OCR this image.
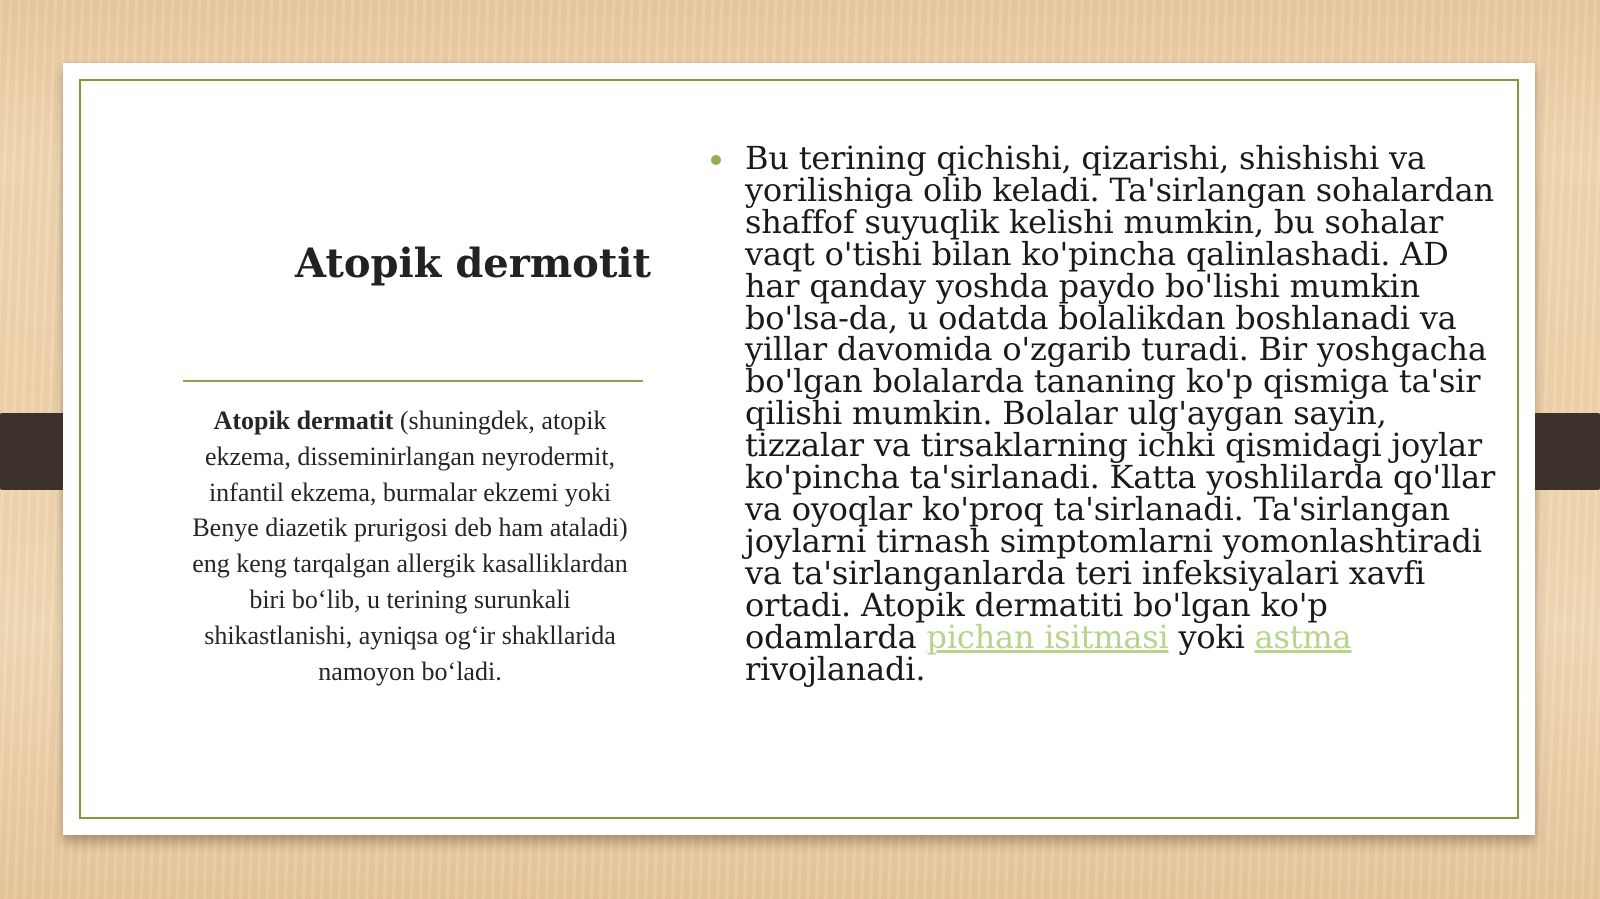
Atopik dermotit

Atopik dermatit (shuningdek, atopik ekzema, disseminirlangan neyrodermit, infantil ekzema, burmalar ekzemi yoki Benye diazetik prurigosi deb ham ataladi) eng keng tarqalgan allergik kasalliklardan biri bo‘lib, u terining surunkali shikastlanishi, ayniqsa og‘ir shakllarida namoyon bo‘ladi.

Bu terining qichishi, qizarishi, shishishi va yorilishiga olib keladi. Ta'sirlangan sohalardan shaffof suyuqlik kelishi mumkin, bu sohalar vaqt o'tishi bilan ko'pincha qalinlashadi. AD har qanday yoshda paydo bo'lishi mumkin bo'lsa-da, u odatda bolalikdan boshlanadi va yillar davomida o'zgarib turadi. Bir yoshgacha bo'lgan bolalarda tananing ko'p qismiga ta'sir qilishi mumkin. Bolalar ulg'aygan sayin, tizzalar va tirsaklarning ichki qismidagi joylar ko'pincha ta'sirlanadi. Katta yoshlilarda qo'llar va oyoqlar ko'proq ta'sirlanadi. Ta'sirlangan joylarni tirnash simptomlarni yomonlashtiradi va ta'sirlanganlarda teri infeksiyalari xavfi ortadi. Atopik dermatiti bo'lgan ko'p odamlarda pichan isitmasi yoki astma rivojlanadi.
